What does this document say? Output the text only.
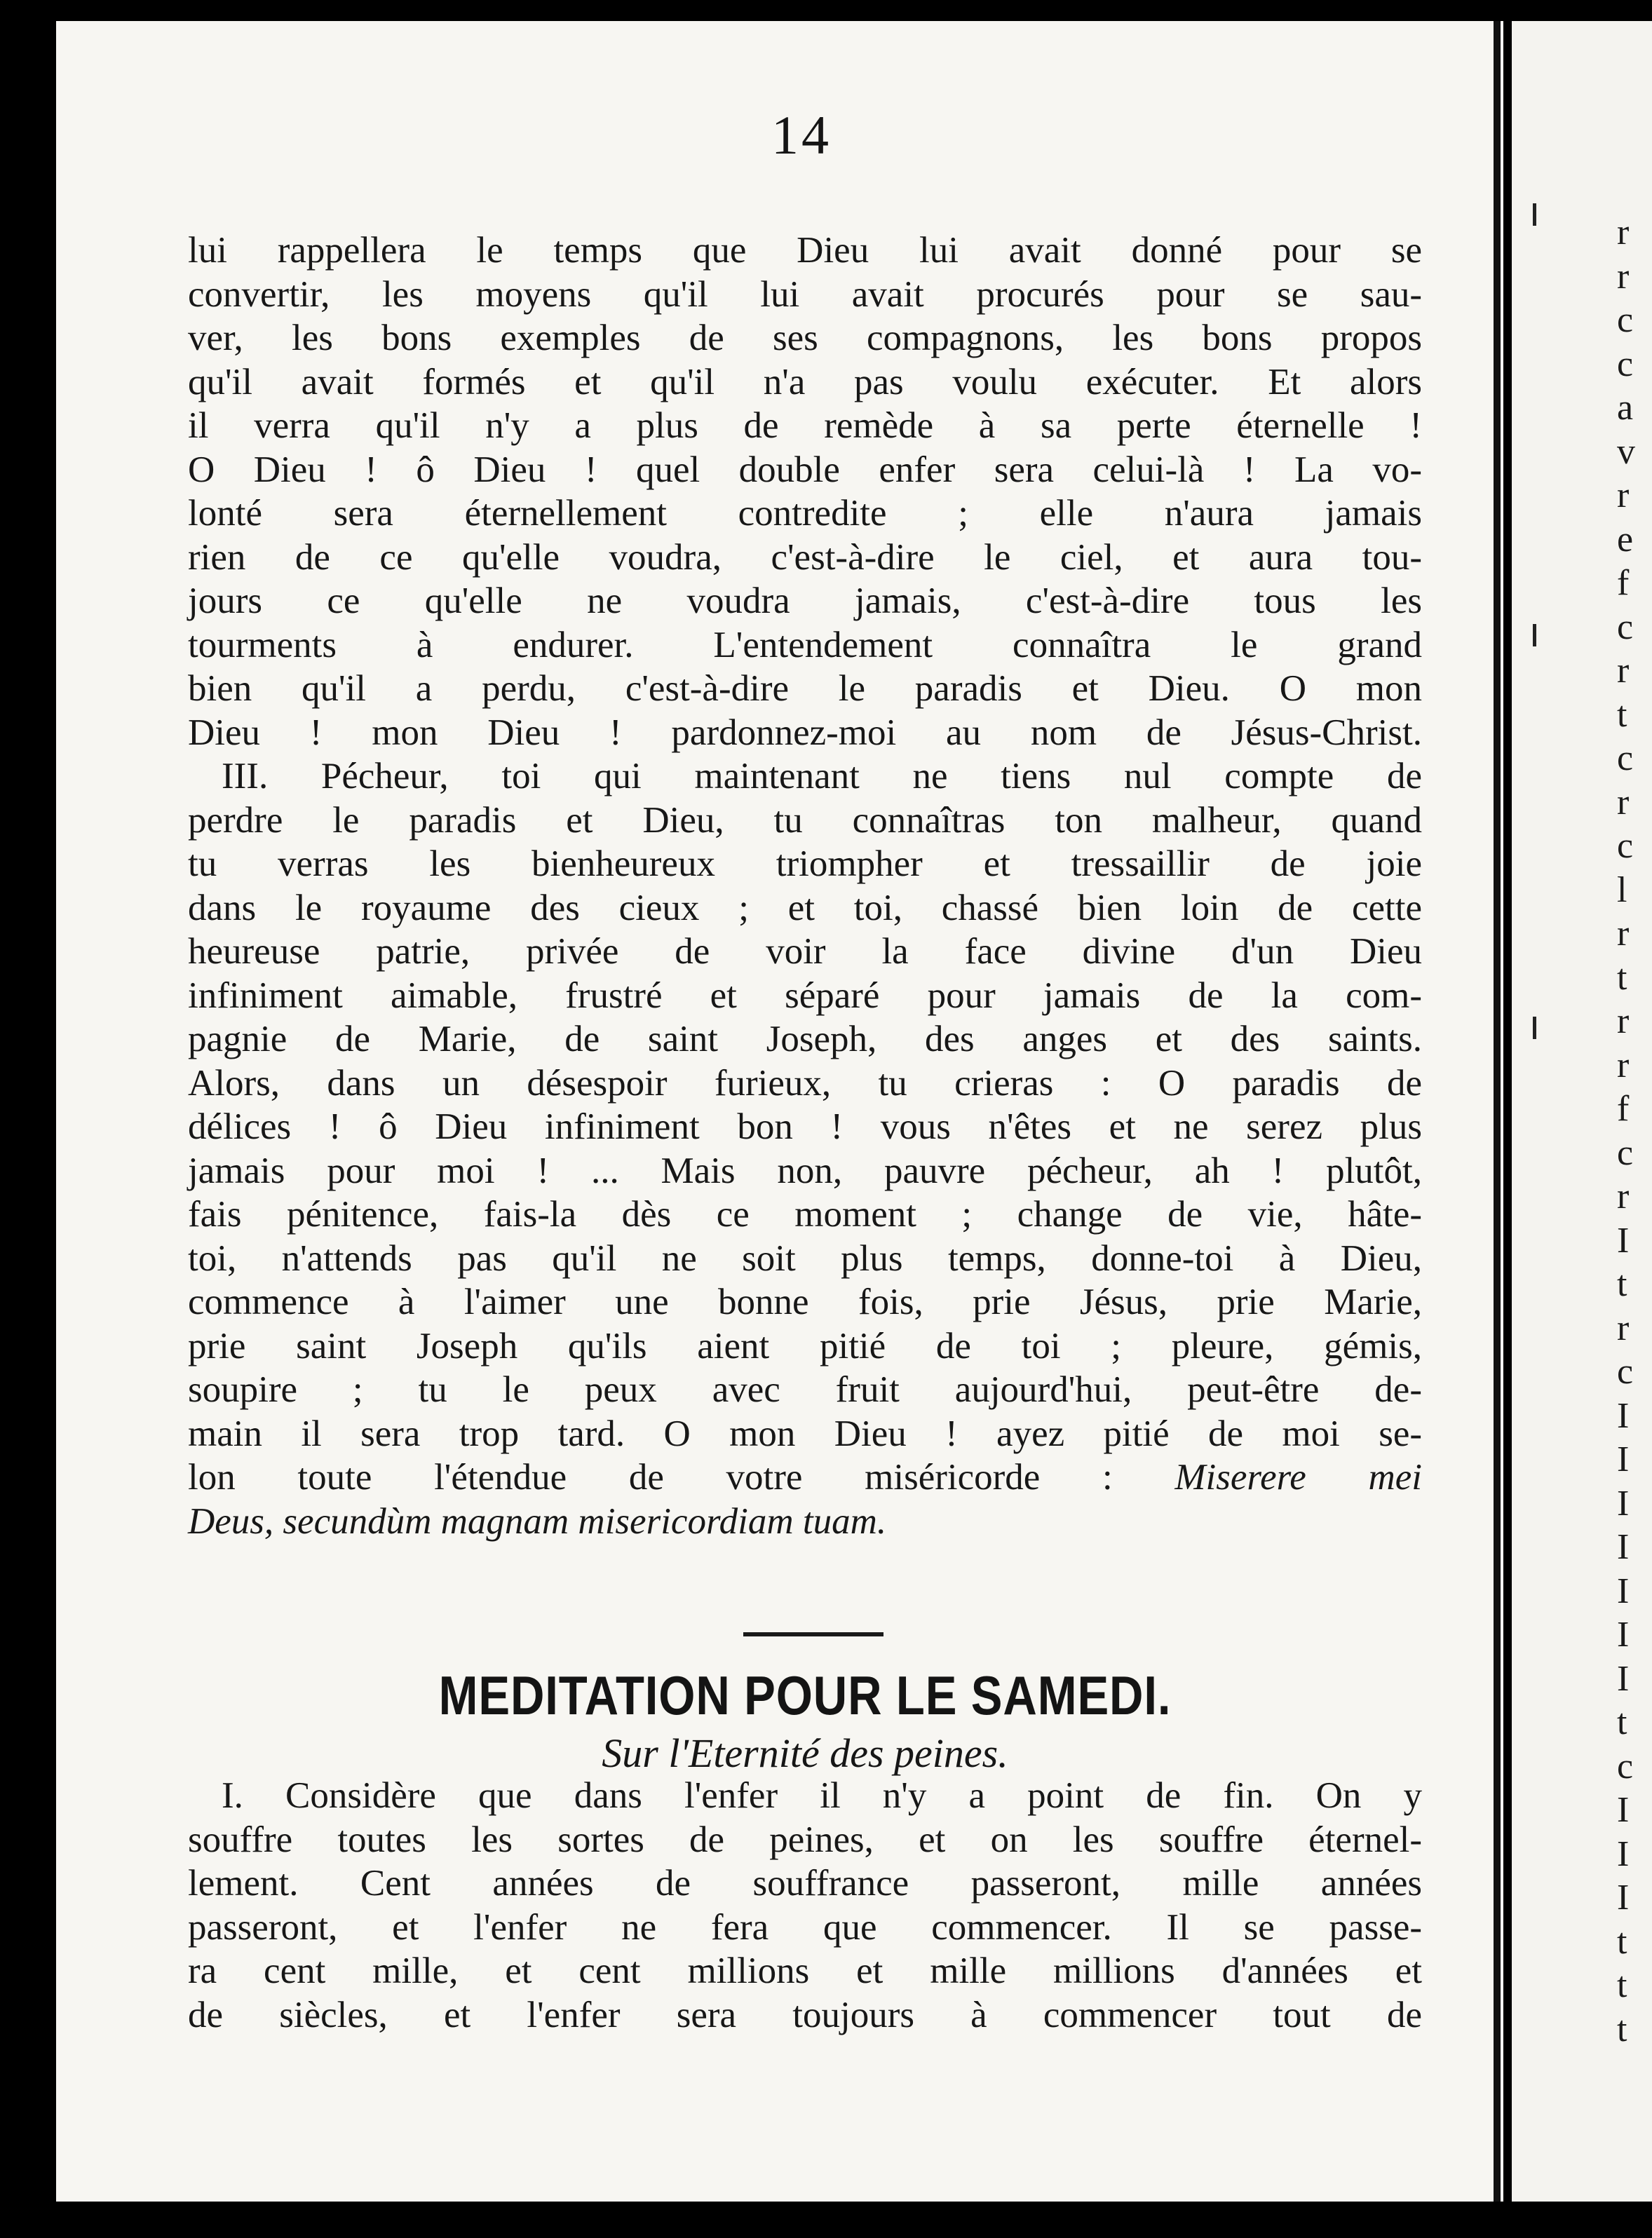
14
lui rappellera le temps que Dieu lui avait donné pour se
convertir, les moyens qu'il lui avait procurés pour se sau-
ver, les bons exemples de ses compagnons, les bons propos
qu'il avait formés et qu'il n'a pas voulu exécuter. Et alors
il verra qu'il n'y a plus de remède à sa perte éternelle !
O Dieu ! ô Dieu ! quel double enfer sera celui-là ! La vo-
lonté sera éternellement contredite ; elle n'aura jamais
rien de ce qu'elle voudra, c'est-à-dire le ciel, et aura tou-
jours ce qu'elle ne voudra jamais, c'est-à-dire tous les
tourments à endurer. L'entendement connaîtra le grand
bien qu'il a perdu, c'est-à-dire le paradis et Dieu. O mon
Dieu ! mon Dieu ! pardonnez-moi au nom de Jésus-Christ.
III. Pécheur, toi qui maintenant ne tiens nul compte de
perdre le paradis et Dieu, tu connaîtras ton malheur, quand
tu verras les bienheureux triompher et tressaillir de joie
dans le royaume des cieux ; et toi, chassé bien loin de cette
heureuse patrie, privée de voir la face divine d'un Dieu
infiniment aimable, frustré et séparé pour jamais de la com-
pagnie de Marie, de saint Joseph, des anges et des saints.
Alors, dans un désespoir furieux, tu crieras : O paradis de
délices ! ô Dieu infiniment bon ! vous n'êtes et ne serez plus
jamais pour moi ! ... Mais non, pauvre pécheur, ah ! plutôt,
fais pénitence, fais-la dès ce moment ; change de vie, hâte-
toi, n'attends pas qu'il ne soit plus temps, donne-toi à Dieu,
commence à l'aimer une bonne fois, prie Jésus, prie Marie,
prie saint Joseph qu'ils aient pitié de toi ; pleure, gémis,
soupire ; tu le peux avec fruit aujourd'hui, peut-être de-
main il sera trop tard. O mon Dieu ! ayez pitié de moi se-
lon toute l'étendue de votre miséricorde : Miserere mei
Deus, secundùm magnam misericordiam tuam.
MEDITATION POUR LE SAMEDI.
Sur l'Eternité des peines.
I. Considère que dans l'enfer il n'y a point de fin. On y
souffre toutes les sortes de peines, et on les souffre éternel-
lement. Cent années de souffrance passeront, mille années
passeront, et l'enfer ne fera que commencer. Il se passe-
ra cent mille, et cent millions et mille millions d'années et
de siècles, et l'enfer sera toujours à commencer tout de
r
r
c
c
a
v
r
e
f
c
r
t
c
r
c
l
r
t
r
r
f
c
r
I
t
r
c
I
I
I
I
I
I
I
t
c
I
I
I
t
t
t
